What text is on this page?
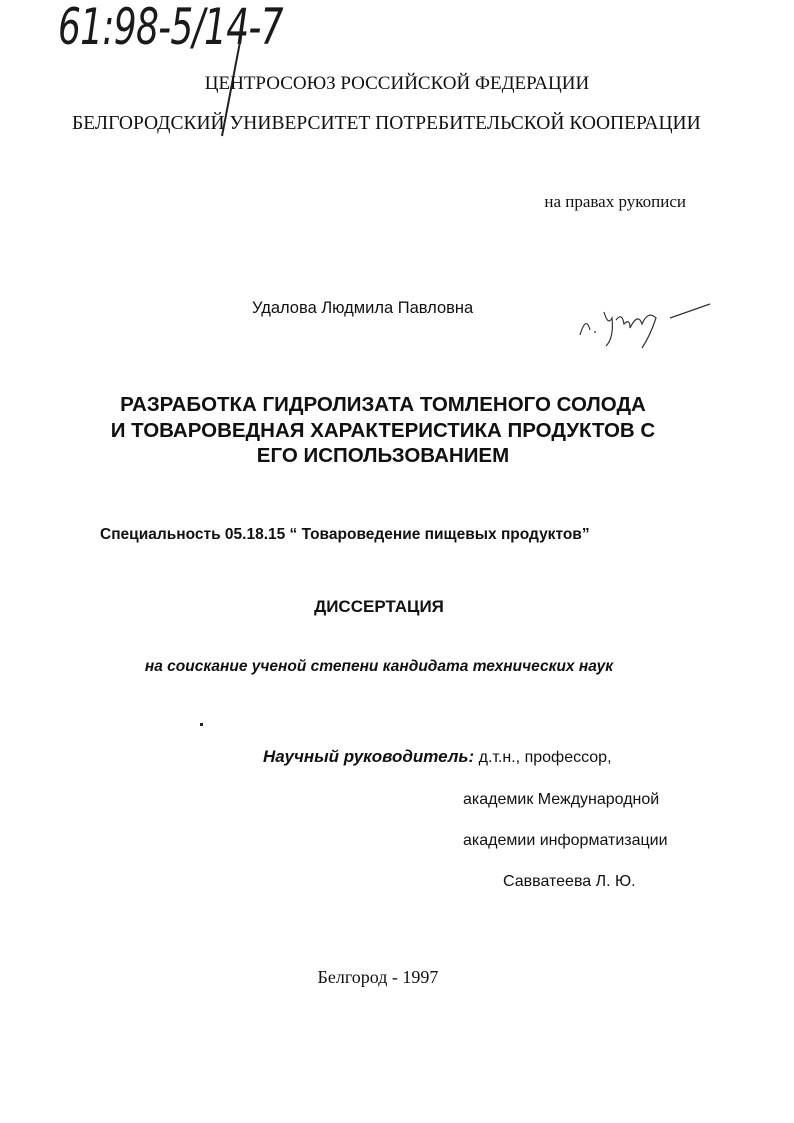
61:98-5/14-7
ЦЕНТРОСОЮЗ РОССИЙСКОЙ ФЕДЕРАЦИИ
БЕЛГОРОДСКИЙ УНИВЕРСИТЕТ ПОТРЕБИТЕЛЬСКОЙ КООПЕРАЦИИ
на правах рукописи
Удалова Людмила Павловна
РАЗРАБОТКА ГИДРОЛИЗАТА ТОМЛЕНОГО СОЛОДА
И ТОВАРОВЕДНАЯ ХАРАКТЕРИСТИКА ПРОДУКТОВ С
ЕГО ИСПОЛЬЗОВАНИЕМ
Специальность 05.18.15 “ Товароведение пищевых продуктов”
ДИССЕРТАЦИЯ
на соискание ученой степени кандидата технических наук
Научный руководитель: д.т.н., профессор,
академик Международной
академии информатизации
Савватеева Л. Ю.
Белгород - 1997
